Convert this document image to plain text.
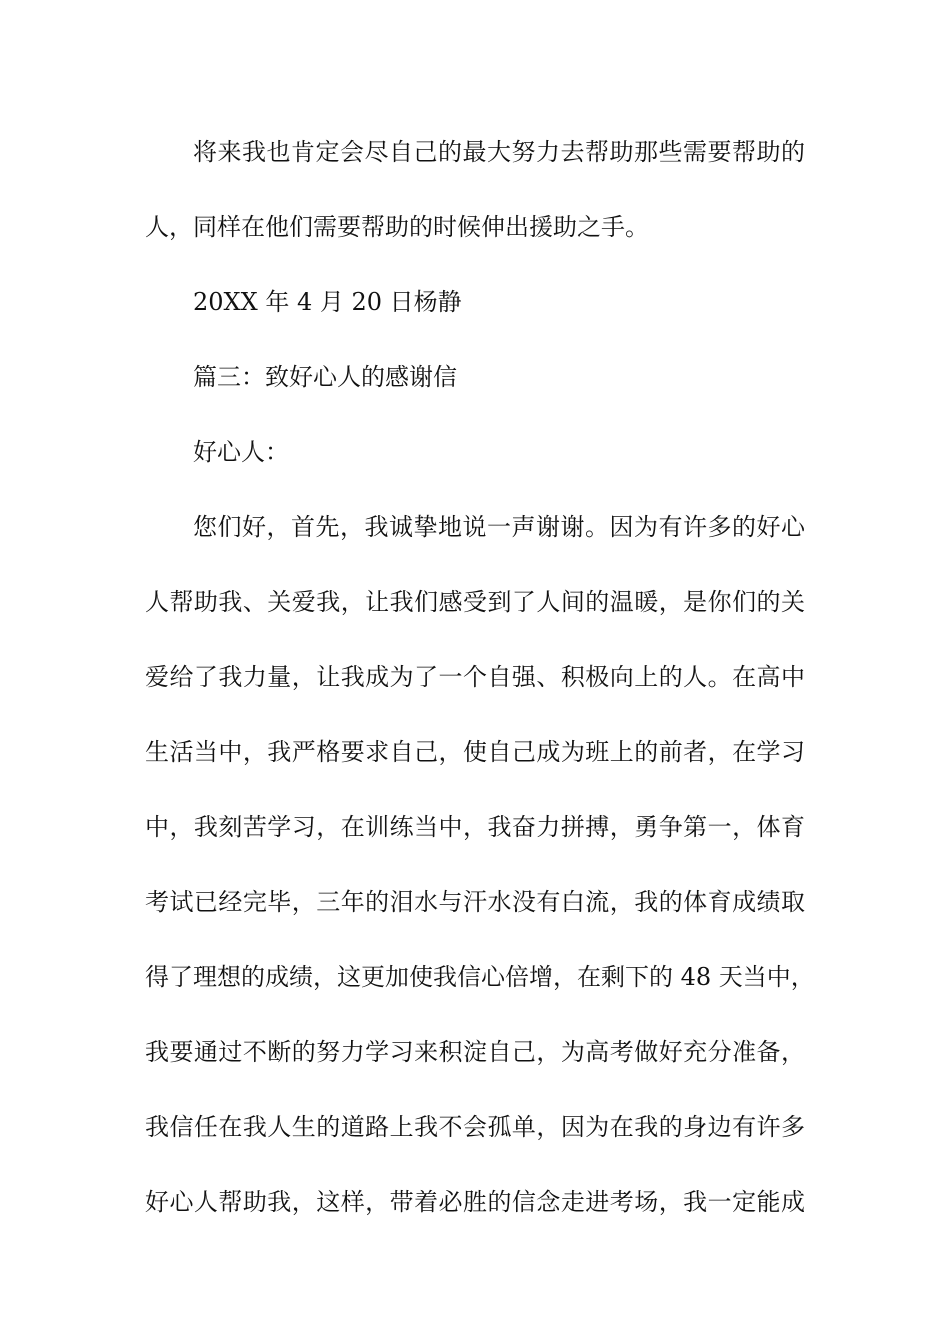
将来我也肯定会尽自己的最大努力去帮助那些需要帮助的
人，同样在他们需要帮助的时候伸出援助之手。
20XX 年 4 月 20 日杨静
篇三：致好心人的感谢信
好心人：
您们好，首先，我诚挚地说一声谢谢。因为有许多的好心
人帮助我、关爱我，让我们感受到了人间的温暖，是你们的关
爱给了我力量，让我成为了一个自强、积极向上的人。在高中
生活当中，我严格要求自己，使自己成为班上的前者，在学习
中，我刻苦学习，在训练当中，我奋力拼搏，勇争第一，体育
考试已经完毕，三年的泪水与汗水没有白流，我的体育成绩取
得了理想的成绩，这更加使我信心倍增，在剩下的 48 天当中，
我要通过不断的努力学习来积淀自己，为高考做好充分准备，
我信任在我人生的道路上我不会孤单，因为在我的身边有许多
好心人帮助我，这样，带着必胜的信念走进考场，我一定能成
